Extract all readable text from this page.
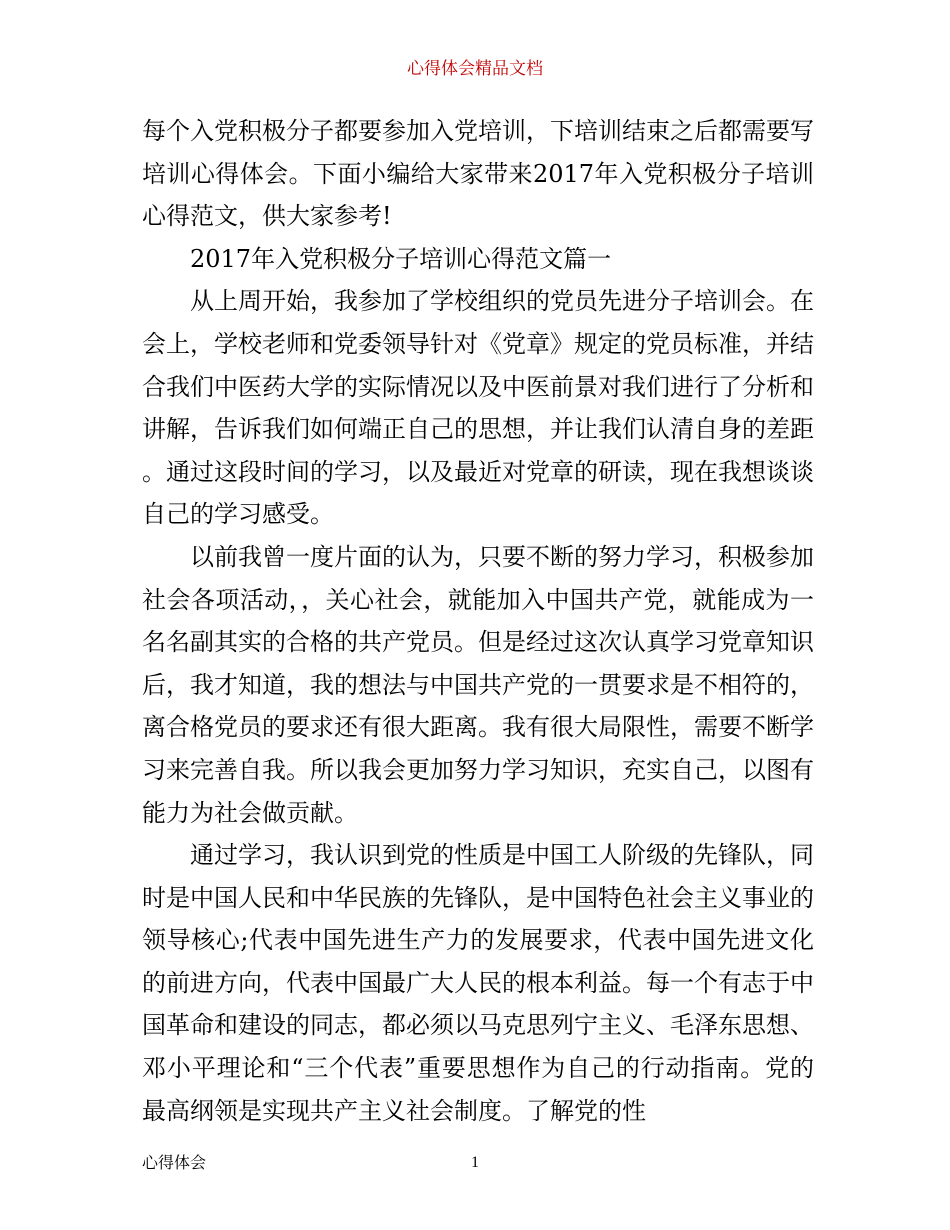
心得体会精品文档

每个入党积极分子都要参加入党培训，下培训结束之后都需要写培训心得体会。下面小编给大家带来2017年入党积极分子培训心得范文，供大家参考!

2017年入党积极分子培训心得范文篇一

从上周开始，我参加了学校组织的党员先进分子培训会。在会上，学校老师和党委领导针对《党章》规定的党员标准，并结合我们中医药大学的实际情况以及中医前景对我们进行了分析和讲解，告诉我们如何端正自己的思想，并让我们认清自身的差距。通过这段时间的学习，以及最近对党章的研读，现在我想谈谈自己的学习感受。

以前我曾一度片面的认为，只要不断的努力学习，积极参加社会各项活动，，关心社会，就能加入中国共产党，就能成为一名名副其实的合格的共产党员。但是经过这次认真学习党章知识后，我才知道，我的想法与中国共产党的一贯要求是不相符的，离合格党员的要求还有很大距离。我有很大局限性，需要不断学习来完善自我。所以我会更加努力学习知识，充实自己，以图有能力为社会做贡献。

通过学习，我认识到党的性质是中国工人阶级的先锋队，同时是中国人民和中华民族的先锋队，是中国特色社会主义事业的领导核心;代表中国先进生产力的发展要求，代表中国先进文化的前进方向，代表中国最广大人民的根本利益。每一个有志于中国革命和建设的同志，都必须以马克思列宁主义、毛泽东思想、邓小平理论和“三个代表”重要思想作为自己的行动指南。党的最高纲领是实现共产主义社会制度。了解党的性

心得体会	1
